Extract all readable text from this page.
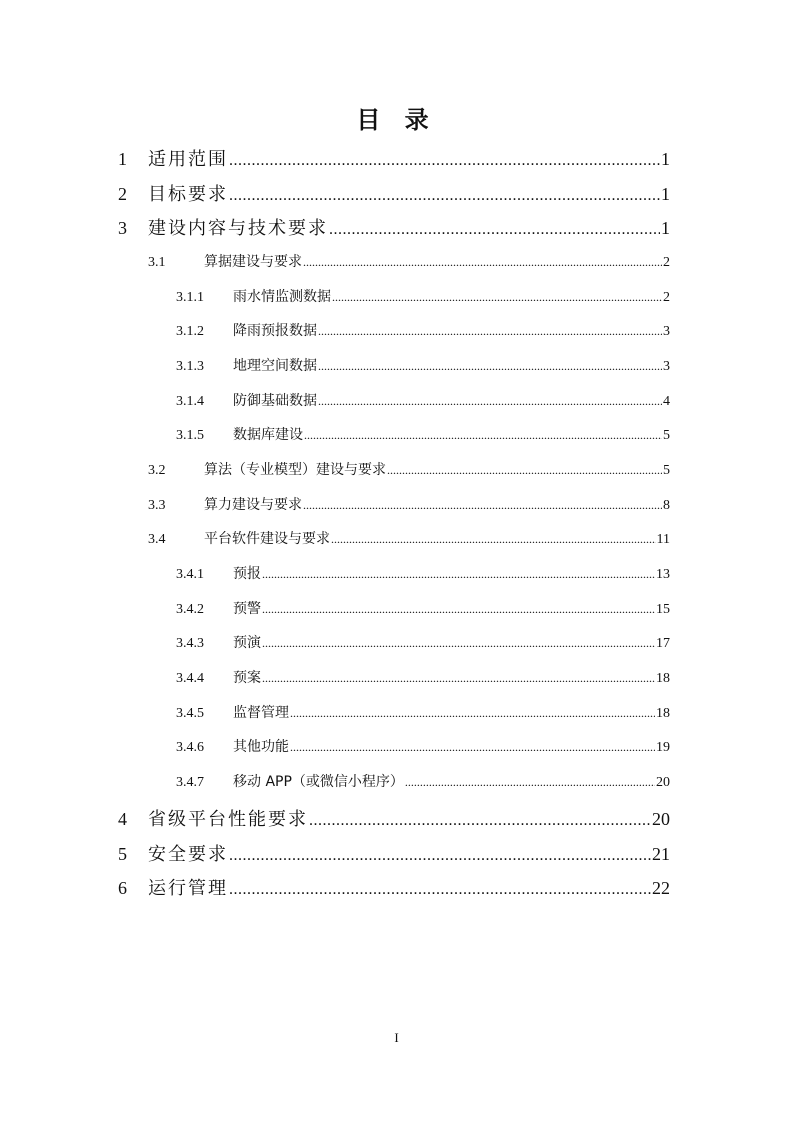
目 录
1	适用范围 .....	1
2	目标要求 .....	1
3	建设内容与技术要求 .....	1
3.1	算据建设与要求 .....	2
3.1.1	雨水情监测数据 .....	2
3.1.2	降雨预报数据 .....	3
3.1.3	地理空间数据 .....	3
3.1.4	防御基础数据 .....	4
3.1.5	数据库建设 .....	5
3.2	算法（专业模型）建设与要求 .....	5
3.3	算力建设与要求 .....	8
3.4	平台软件建设与要求 .....	11
3.4.1	预报 .....	13
3.4.2	预警 .....	15
3.4.3	预演 .....	17
3.4.4	预案 .....	18
3.4.5	监督管理 .....	18
3.4.6	其他功能 .....	19
3.4.7	移动 APP（或微信小程序） .....	20
4	省级平台性能要求 .....	20
5	安全要求 .....	21
6	运行管理 .....	22
I
